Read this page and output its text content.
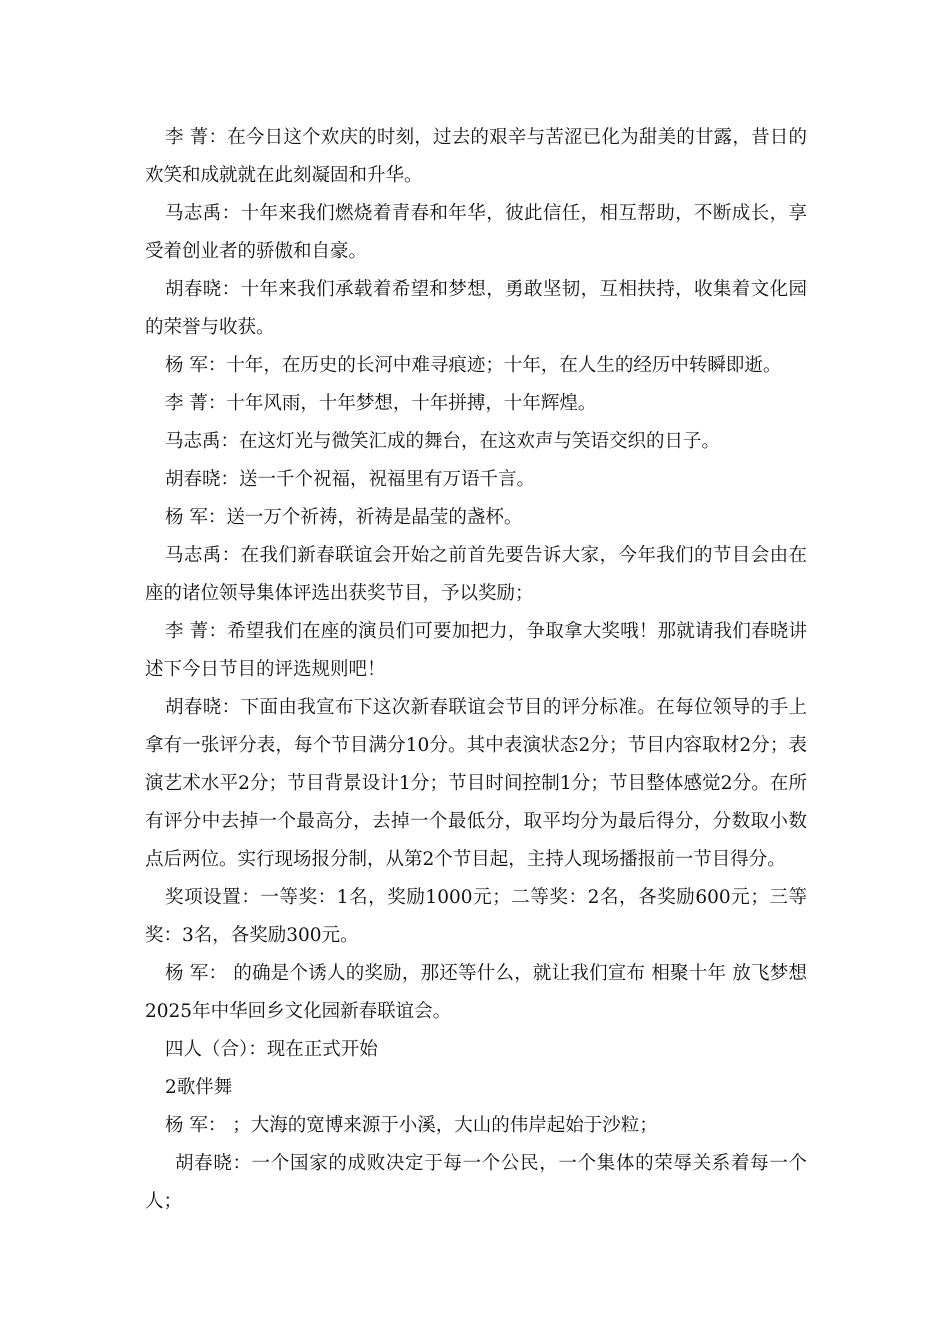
李 菁：在今日这个欢庆的时刻，过去的艰辛与苦涩已化为甜美的甘露，昔日的欢笑和成就就在此刻凝固和升华。

马志禹：十年来我们燃烧着青春和年华，彼此信任，相互帮助，不断成长，享受着创业者的骄傲和自豪。

胡春晓：十年来我们承载着希望和梦想，勇敢坚韧，互相扶持，收集着文化园的荣誉与收获。

杨 军：十年，在历史的长河中难寻痕迹；十年，在人生的经历中转瞬即逝。

李 菁：十年风雨，十年梦想，十年拼搏，十年辉煌。

马志禹：在这灯光与微笑汇成的舞台，在这欢声与笑语交织的日子。

胡春晓：送一千个祝福，祝福里有万语千言。

杨 军：送一万个祈祷，祈祷是晶莹的盏杯。

马志禹：在我们新春联谊会开始之前首先要告诉大家，今年我们的节目会由在座的诸位领导集体评选出获奖节目，予以奖励；

李 菁：希望我们在座的演员们可要加把力，争取拿大奖哦！那就请我们春晓讲述下今日节目的评选规则吧！

胡春晓：下面由我宣布下这次新春联谊会节目的评分标准。在每位领导的手上拿有一张评分表，每个节目满分10分。其中表演状态2分；节目内容取材2分；表演艺术水平2分；节目背景设计1分；节目时间控制1分；节目整体感觉2分。在所有评分中去掉一个最高分，去掉一个最低分，取平均分为最后得分，分数取小数点后两位。实行现场报分制，从第2个节目起，主持人现场播报前一节目得分。

奖项设置：一等奖：1名，奖励1000元；二等奖：2名，各奖励600元；三等奖：3名，各奖励300元。

杨 军： 的确是个诱人的奖励，那还等什么，就让我们宣布 相聚十年 放飞梦想 2025年中华回乡文化园新春联谊会。

四人（合）：现在正式开始

2歌伴舞

杨 军： ；大海的宽博来源于小溪，大山的伟岸起始于沙粒；

胡春晓：一个国家的成败决定于每一个公民，一个集体的荣辱关系着每一个人；
